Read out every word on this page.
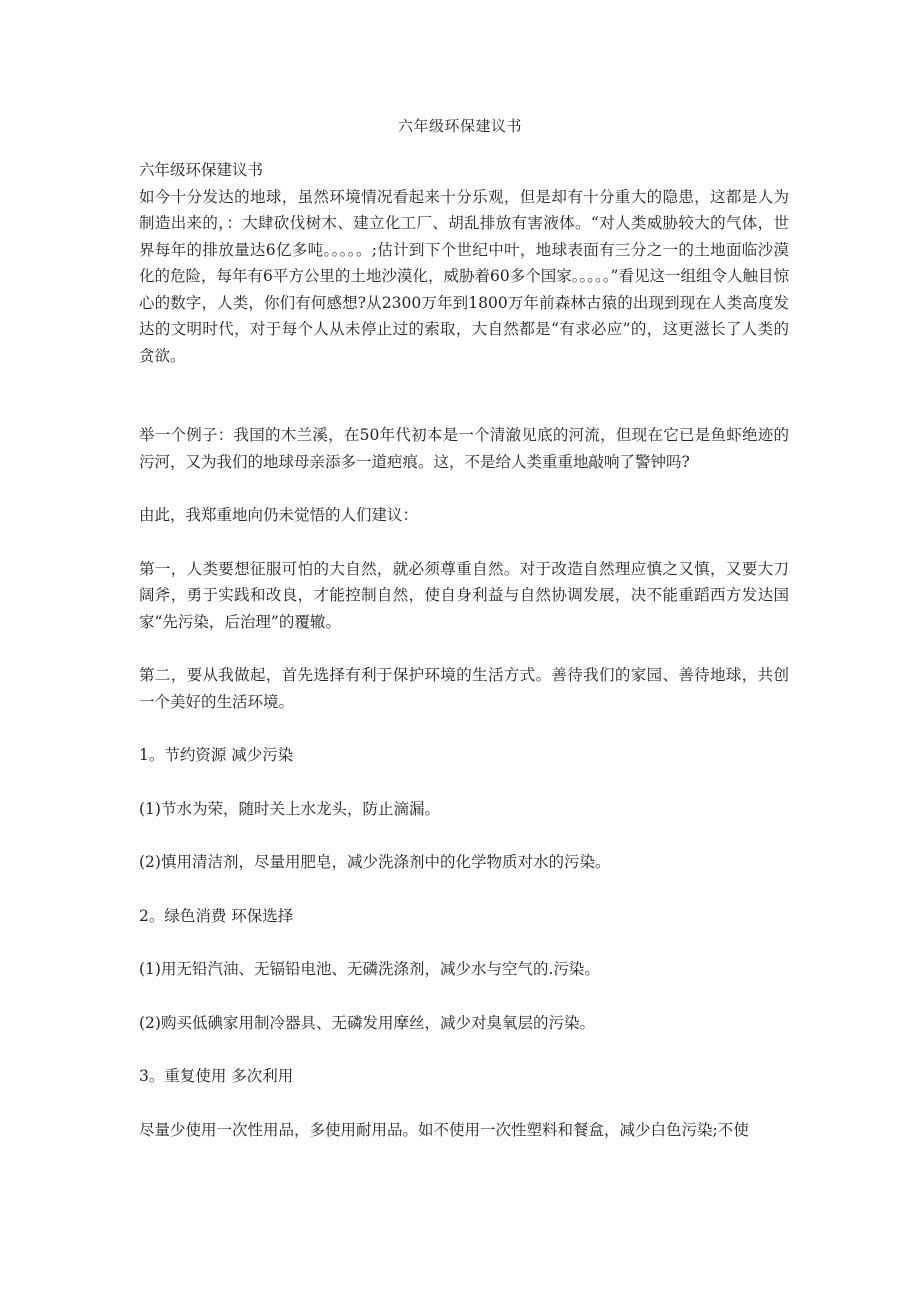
六年级环保建议书

六年级环保建议书

如今十分发达的地球，虽然环境情况看起来十分乐观，但是却有十分重大的隐患，这都是人为制造出来的，：大肆砍伐树木、建立化工厂、胡乱排放有害液体。“对人类威胁较大的气体，世界每年的排放量达6亿多吨。。。。。;估计到下个世纪中叶，地球表面有三分之一的土地面临沙漠化的危险，每年有6平方公里的土地沙漠化，威胁着60多个国家。。。。。”看见这一组组令人触目惊心的数字，人类，你们有何感想?从2300万年到1800万年前森林古猿的出现到现在人类高度发达的文明时代，对于每个人从未停止过的索取，大自然都是“有求必应”的，这更滋长了人类的贪欲。

举一个例子：我国的木兰溪，在50年代初本是一个清澈见底的河流，但现在它已是鱼虾绝迹的污河，又为我们的地球母亲添多一道疤痕。这，不是给人类重重地敲响了警钟吗?

由此，我郑重地向仍未觉悟的人们建议：

第一，人类要想征服可怕的大自然，就必须尊重自然。对于改造自然理应慎之又慎，又要大刀阔斧，勇于实践和改良，才能控制自然，使自身利益与自然协调发展，决不能重蹈西方发达国家“先污染，后治理”的覆辙。

第二，要从我做起，首先选择有利于保护环境的生活方式。善待我们的家园、善待地球，共创一个美好的生活环境。

1。节约资源 减少污染

(1)节水为荣，随时关上水龙头，防止滴漏。

(2)慎用清洁剂，尽量用肥皂，减少洗涤剂中的化学物质对水的污染。

2。绿色消费 环保选择

(1)用无铅汽油、无镉铅电池、无磷洗涤剂，减少水与空气的.污染。

(2)购买低碘家用制冷器具、无磷发用摩丝，减少对臭氧层的污染。

3。重复使用 多次利用

尽量少使用一次性用品，多使用耐用品。如不使用一次性塑料和餐盒，减少白色污染;不使
